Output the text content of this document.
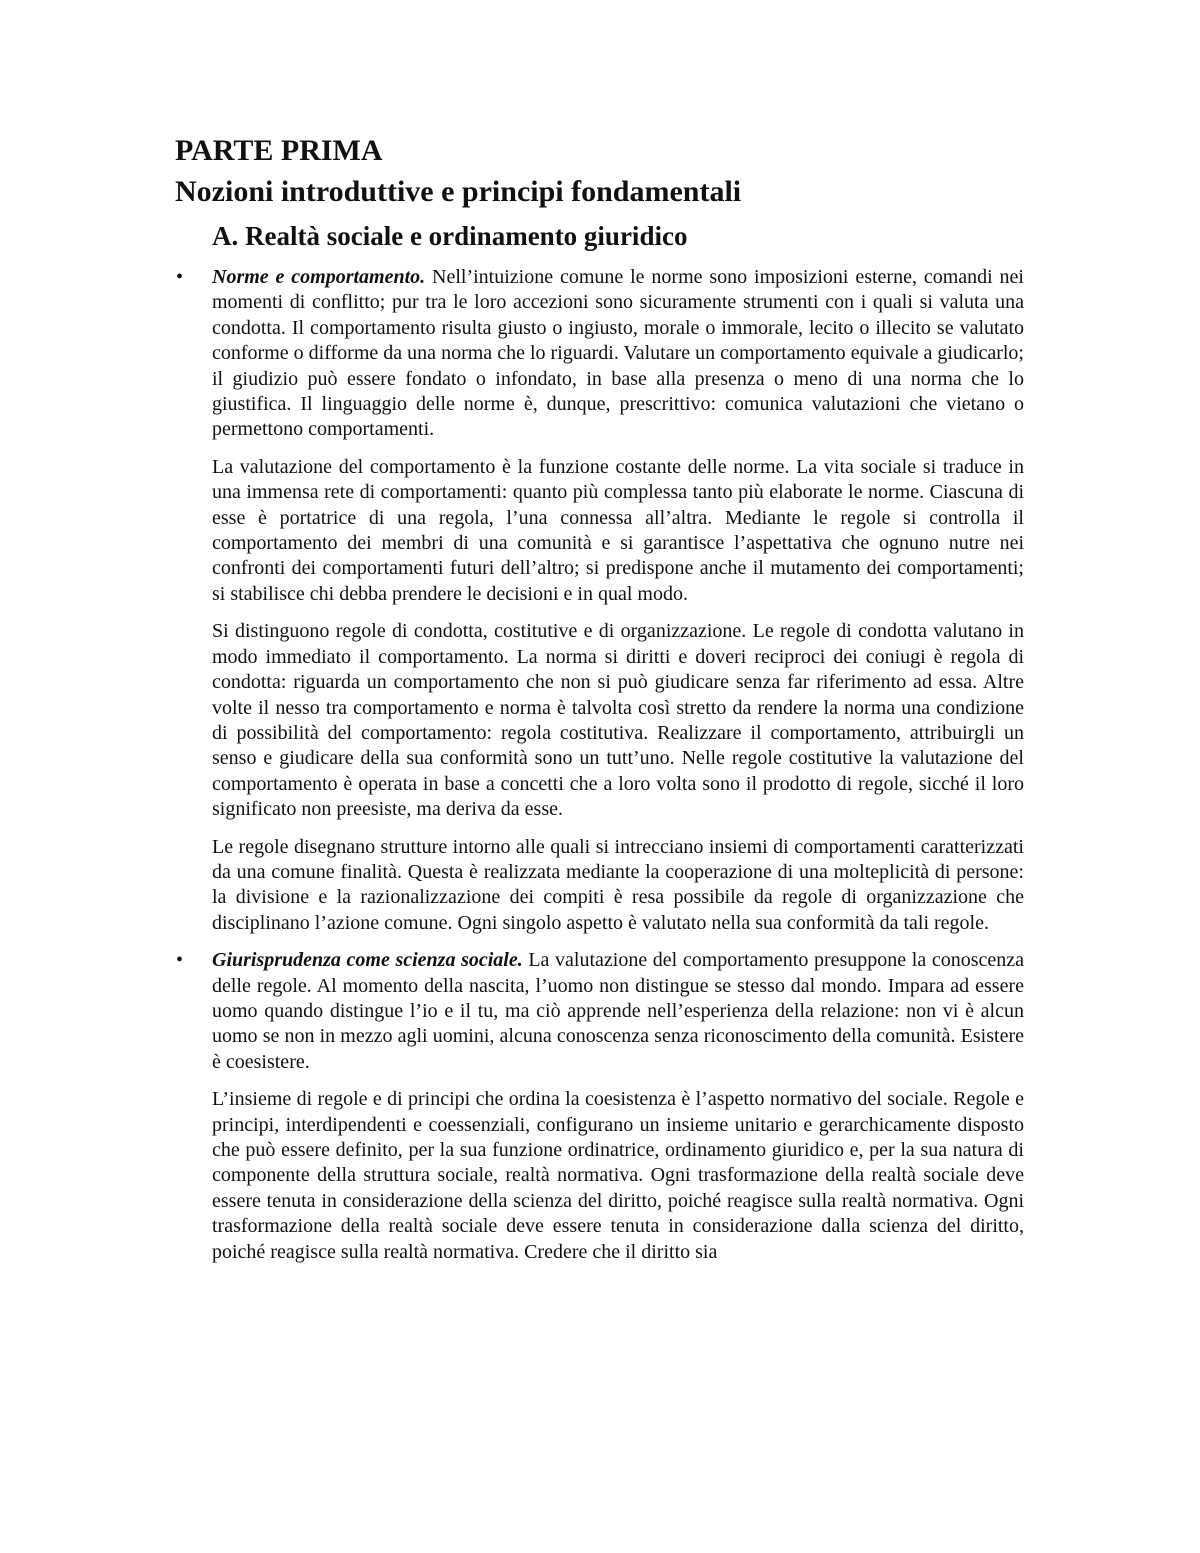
PARTE PRIMA
Nozioni introduttive e principi fondamentali
A. Realtà sociale e ordinamento giuridico

• Norme e comportamento. Nell’intuizione comune le norme sono imposizioni esterne, comandi nei momenti di conflitto; pur tra le loro accezioni sono sicuramente strumenti con i quali si valuta una condotta. Il comportamento risulta giusto o ingiusto, morale o immorale, lecito o illecito se valutato conforme o difforme da una norma che lo riguardi. Valutare un comportamento equivale a giudicarlo; il giudizio può essere fondato o infondato, in base alla presenza o meno di una norma che lo giustifica. Il linguaggio delle norme è, dunque, prescrittivo: comunica valutazioni che vietano o permettono comportamenti.

La valutazione del comportamento è la funzione costante delle norme. La vita sociale si traduce in una immensa rete di comportamenti: quanto più complessa tanto più elaborate le norme. Ciascuna di esse è portatrice di una regola, l’una connessa all’altra. Mediante le regole si controlla il comportamento dei membri di una comunità e si garantisce l’aspettativa che ognuno nutre nei confronti dei comportamenti futuri dell’altro; si predispone anche il mutamento dei comportamenti; si stabilisce chi debba prendere le decisioni e in qual modo.

Si distinguono regole di condotta, costitutive e di organizzazione. Le regole di condotta valutano in modo immediato il comportamento. La norma si diritti e doveri reciproci dei coniugi è regola di condotta: riguarda un comportamento che non si può giudicare senza far riferimento ad essa. Altre volte il nesso tra comportamento e norma è talvolta così stretto da rendere la norma una condizione di possibilità del comportamento: regola costitutiva. Realizzare il comportamento, attribuirgli un senso e giudicare della sua conformità sono un tutt’uno. Nelle regole costitutive la valutazione del comportamento è operata in base a concetti che a loro volta sono il prodotto di regole, sicché il loro significato non preesiste, ma deriva da esse.

Le regole disegnano strutture intorno alle quali si intrecciano insiemi di comportamenti caratterizzati da una comune finalità. Questa è realizzata mediante la cooperazione di una molteplicità di persone: la divisione e la razionalizzazione dei compiti è resa possibile da regole di organizzazione che disciplinano l’azione comune. Ogni singolo aspetto è valutato nella sua conformità da tali regole.

• Giurisprudenza come scienza sociale. La valutazione del comportamento presuppone la conoscenza delle regole. Al momento della nascita, l’uomo non distingue se stesso dal mondo. Impara ad essere uomo quando distingue l’io e il tu, ma ciò apprende nell’esperienza della relazione: non vi è alcun uomo se non in mezzo agli uomini, alcuna conoscenza senza riconoscimento della comunità. Esistere è coesistere.

L’insieme di regole e di principi che ordina la coesistenza è l’aspetto normativo del sociale. Regole e principi, interdipendenti e coessenziali, configurano un insieme unitario e gerarchicamente disposto che può essere definito, per la sua funzione ordinatrice, ordinamento giuridico e, per la sua natura di componente della struttura sociale, realtà normativa. Ogni trasformazione della realtà sociale deve essere tenuta in considerazione della scienza del diritto, poiché reagisce sulla realtà normativa. Ogni trasformazione della realtà sociale deve essere tenuta in considerazione dalla scienza del diritto, poiché reagisce sulla realtà normativa. Credere che il diritto sia
